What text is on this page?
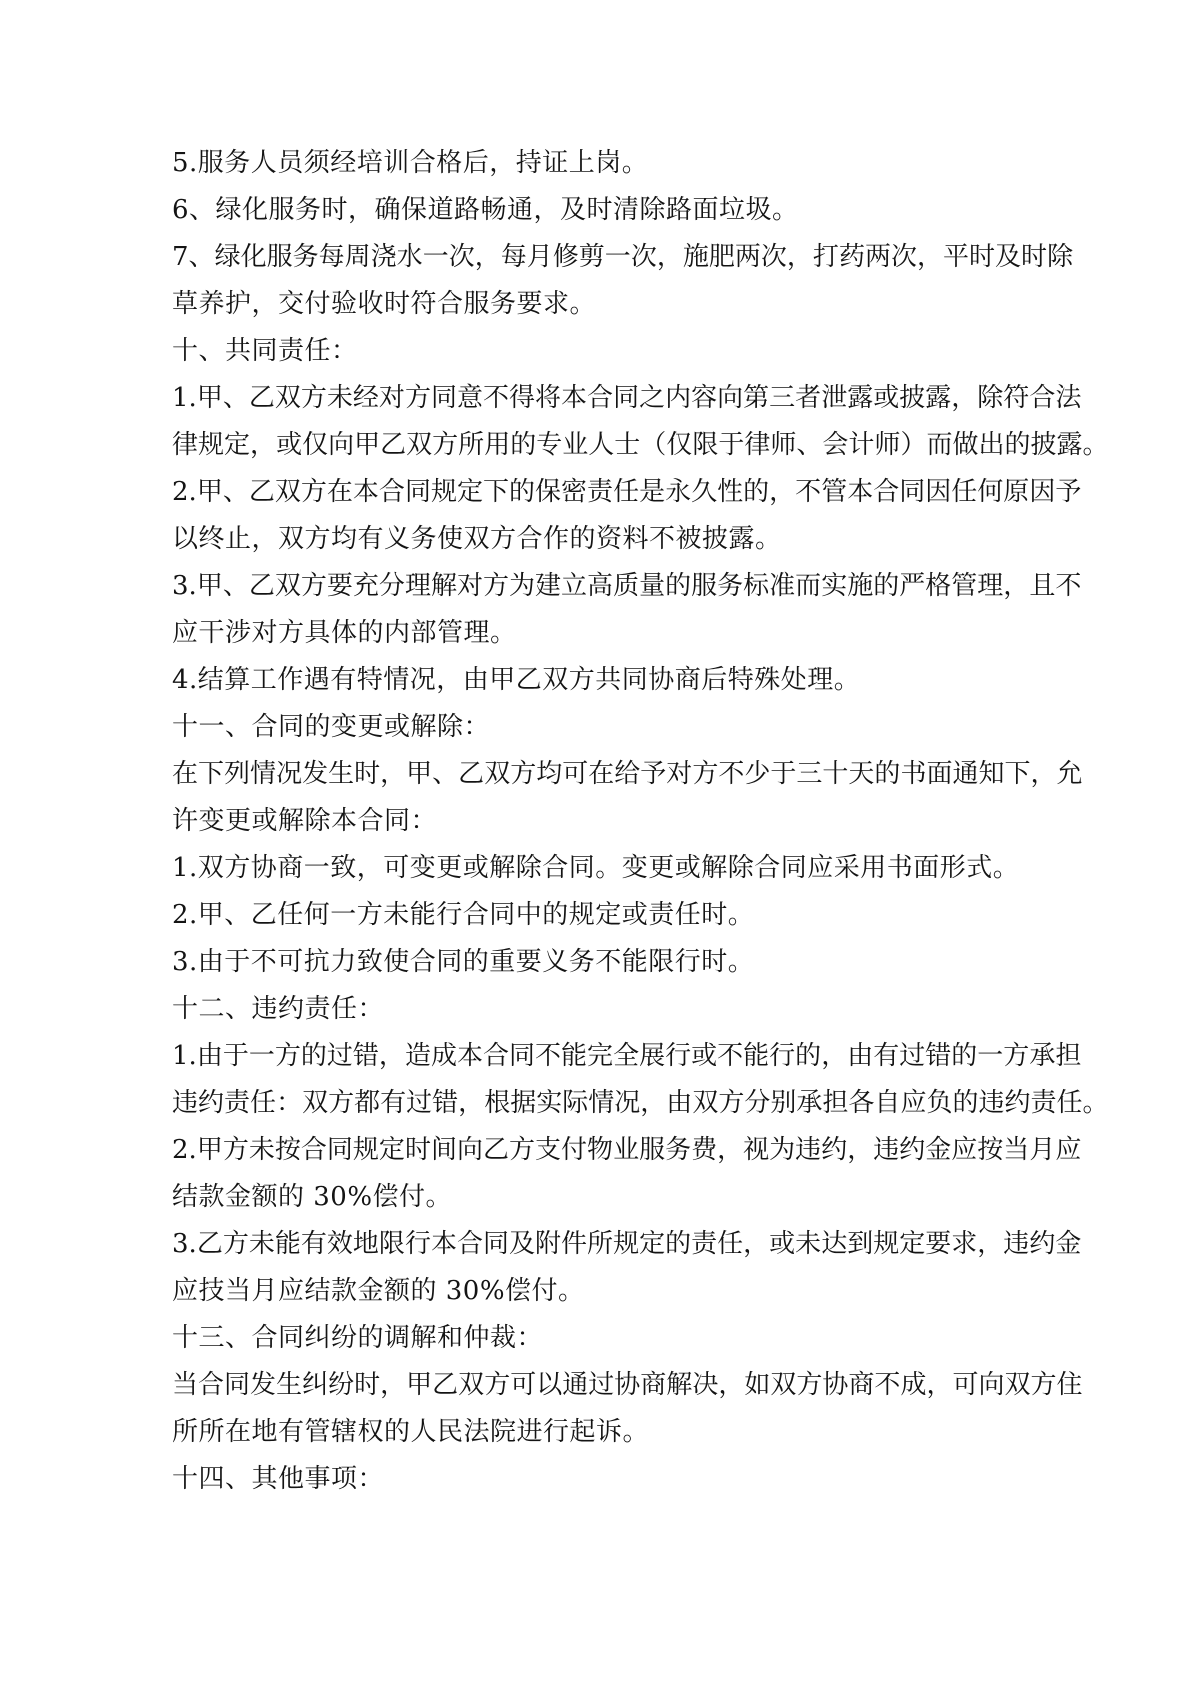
5.服务人员须经培训合格后，持证上岗。

6、绿化服务时，确保道路畅通，及时清除路面垃圾。

7 、 绿 化 服 务 每 周 浇 水 一 次 ， 每 月 修 剪 一 次 ， 施 肥 两 次 ， 打 药 两 次 ， 平 时 及 时 除
草养护，交付验收时符合服务要求。

十、共同责任：

1 . 甲 、 乙 双 方 未 经 对 方 同 意 不 得 将 本 合 同 之 内 容 向 第 三 者 泄 露 或 披 露 ， 除 符 合 法
律 规 定 ， 或 仅 向 甲 乙 双 方 所 用 的 专 业 人 士 （ 仅 限 于 律 师 、 会 计 师 ） 而 做 出 的 披 露 。

2 . 甲 、 乙 双 方 在 本 合 同 规 定 下 的 保 密 责 任 是 永 久 性 的 ， 不 管 本 合 同 因 任 何 原 因 予
以终止，双方均有义务使双方合作的资料不被披露。

3 . 甲 、 乙 双 方 要 充 分 理 解 对 方 为 建 立 高 质 量 的 服 务 标 准 而 实 施 的 严 格 管 理 ， 且 不
应干涉对方具体的内部管理。

4.结算工作遇有特情况，由甲乙双方共同协商后特殊处理。

十一、合同的变更或解除：

在 下 列 情 况 发 生 时 ， 甲 、 乙 双 方 均 可 在 给 予 对 方 不 少 于 三 十 天 的 书 面 通 知 下 ， 允
许变更或解除本合同：

1.双方协商一致，可变更或解除合同。变更或解除合同应采用书面形式。

2.甲、乙任何一方未能行合同中的规定或责任时。

3.由于不可抗力致使合同的重要义务不能限行时。

十二、违约责任：

1 . 由 于 一 方 的 过 错 ， 造 成 本 合 同 不 能 完 全 展 行 或 不 能 行 的 ， 由 有 过 错 的 一 方 承 担
违 约 责 任 ： 双 方 都 有 过 错 ， 根 据 实 际 情 况 ， 由 双 方 分 别 承 担 各 自 应 负 的 违 约 责 任 。

2 . 甲 方 未 按 合 同 规 定 时 间 向 乙 方 支 付 物 业 服 务 费 ， 视 为 违 约 ， 违 约 金 应 按 当 月 应
结款金额的 30%偿付。

3 . 乙 方 未 能 有 效 地 限 行 本 合 同 及 附 件 所 规 定 的 责 任 ， 或 未 达 到 规 定 要 求 ， 违 约 金
应技当月应结款金额的 30%偿付。

十三、合同纠纷的调解和仲裁：

当 合 同 发 生 纠 纷 时 ， 甲 乙 双 方 可 以 通 过 协 商 解 决 ， 如 双 方 协 商 不 成 ， 可 向 双 方 住
所所在地有管辖权的人民法院进行起诉。

十四、其他事项：
